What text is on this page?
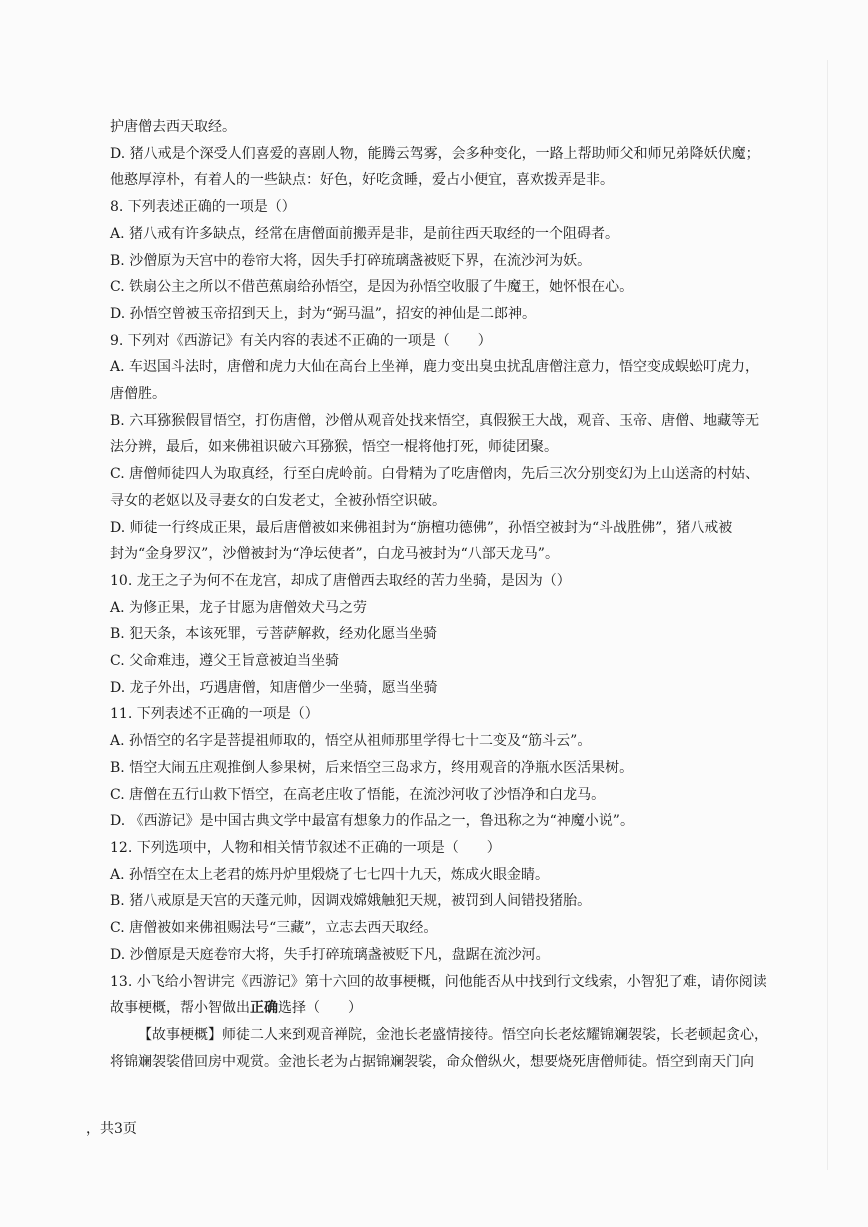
护唐僧去西天取经。
D. 猪八戒是个深受人们喜爱的喜剧人物，能腾云驾雾，会多种变化，一路上帮助师父和师兄弟降妖伏魔；
他憨厚淳朴，有着人的一些缺点：好色，好吃贪睡，爱占小便宜，喜欢拨弄是非。
8. 下列表述正确的一项是（）
A. 猪八戒有许多缺点，经常在唐僧面前搬弄是非，是前往西天取经的一个阻碍者。
B. 沙僧原为天宫中的卷帘大将，因失手打碎琉璃盏被贬下界，在流沙河为妖。
C. 铁扇公主之所以不借芭蕉扇给孙悟空，是因为孙悟空收服了牛魔王，她怀恨在心。
D. 孙悟空曾被玉帝招到天上，封为“弼马温”，招安的神仙是二郎神。
9. 下列对《西游记》有关内容的表述不正确的一项是（　　）
A. 车迟国斗法时，唐僧和虎力大仙在高台上坐禅，鹿力变出臭虫扰乱唐僧注意力，悟空变成蜈蚣叮虎力，
唐僧胜。
B. 六耳猕猴假冒悟空，打伤唐僧，沙僧从观音处找来悟空，真假猴王大战，观音、玉帝、唐僧、地藏等无
法分辨，最后，如来佛祖识破六耳猕猴，悟空一棍将他打死，师徒团聚。
C. 唐僧师徒四人为取真经，行至白虎岭前。白骨精为了吃唐僧肉，先后三次分别变幻为上山送斋的村姑、
寻女的老妪以及寻妻女的白发老丈，全被孙悟空识破。
D. 师徒一行终成正果，最后唐僧被如来佛祖封为“旃檀功德佛”，孙悟空被封为“斗战胜佛”，猪八戒被
封为“金身罗汉”，沙僧被封为“净坛使者”，白龙马被封为“八部天龙马”。
10. 龙王之子为何不在龙宫，却成了唐僧西去取经的苦力坐骑，是因为（）
A. 为修正果，龙子甘愿为唐僧效犬马之劳
B. 犯天条，本该死罪，亏菩萨解救，经劝化愿当坐骑
C. 父命难违，遵父王旨意被迫当坐骑
D. 龙子外出，巧遇唐僧，知唐僧少一坐骑，愿当坐骑
11. 下列表述不正确的一项是（）
A. 孙悟空的名字是菩提祖师取的，悟空从祖师那里学得七十二变及“筋斗云”。
B. 悟空大闹五庄观推倒人参果树，后来悟空三岛求方，终用观音的净瓶水医活果树。
C. 唐僧在五行山救下悟空，在高老庄收了悟能，在流沙河收了沙悟净和白龙马。
D. 《西游记》是中国古典文学中最富有想象力的作品之一，鲁迅称之为“神魔小说”。
12. 下列选项中，人物和相关情节叙述不正确的一项是（　　）
A. 孙悟空在太上老君的炼丹炉里煅烧了七七四十九天，炼成火眼金睛。
B. 猪八戒原是天宫的天蓬元帅，因调戏嫦娥触犯天规，被罚到人间错投猪胎。
C. 唐僧被如来佛祖赐法号“三藏”，立志去西天取经。
D. 沙僧原是天庭卷帘大将，失手打碎琉璃盏被贬下凡，盘踞在流沙河。
13. 小飞给小智讲完《西游记》第十六回的故事梗概，问他能否从中找到行文线索，小智犯了难，请你阅读
故事梗概，帮小智做出正确选择（　　）
【故事梗概】师徒二人来到观音禅院，金池长老盛情接待。悟空向长老炫耀锦斓袈裟，长老顿起贪心，
将锦斓袈裟借回房中观赏。金池长老为占据锦斓袈裟，命众僧纵火，想要烧死唐僧师徒。悟空到南天门向
，共3页
